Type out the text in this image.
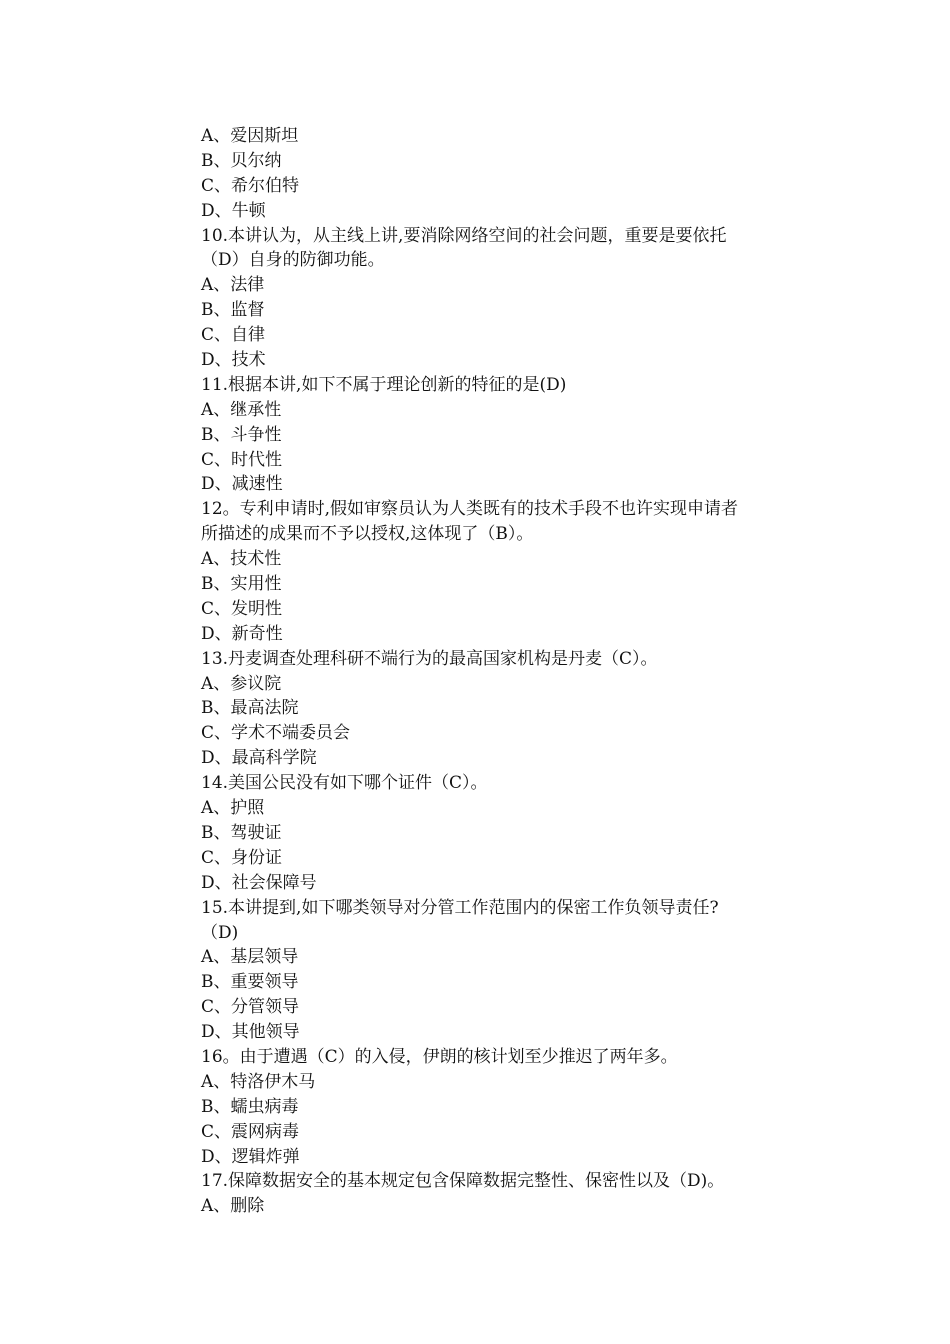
A、爱因斯坦
B、贝尔纳
C、希尔伯特
D、牛顿
10.本讲认为，从主线上讲,要消除网络空间的社会问题，重要是要依托
（D）自身的防御功能。
A、法律
B、监督
C、自律
D、技术
11.根据本讲,如下不属于理论创新的特征的是(D)
A、继承性
B、斗争性
C、时代性
D、减速性
12。专利申请时,假如审察员认为人类既有的技术手段不也许实现申请者
所描述的成果而不予以授权,这体现了（B）。
A、技术性
B、实用性
C、发明性
D、新奇性
13.丹麦调查处理科研不端行为的最高国家机构是丹麦（C）。
A、参议院
B、最高法院
C、学术不端委员会
D、最高科学院
14.美国公民没有如下哪个证件（C）。
A、护照
B、驾驶证
C、身份证
D、社会保障号
15.本讲提到,如下哪类领导对分管工作范围内的保密工作负领导责任?
（D)
A、基层领导
B、重要领导
C、分管领导
D、其他领导
16。由于遭遇（C）的入侵，伊朗的核计划至少推迟了两年多。
A、特洛伊木马
B、蠕虫病毒
C、震网病毒
D、逻辑炸弹
17.保障数据安全的基本规定包含保障数据完整性、保密性以及（D)。
A、删除
